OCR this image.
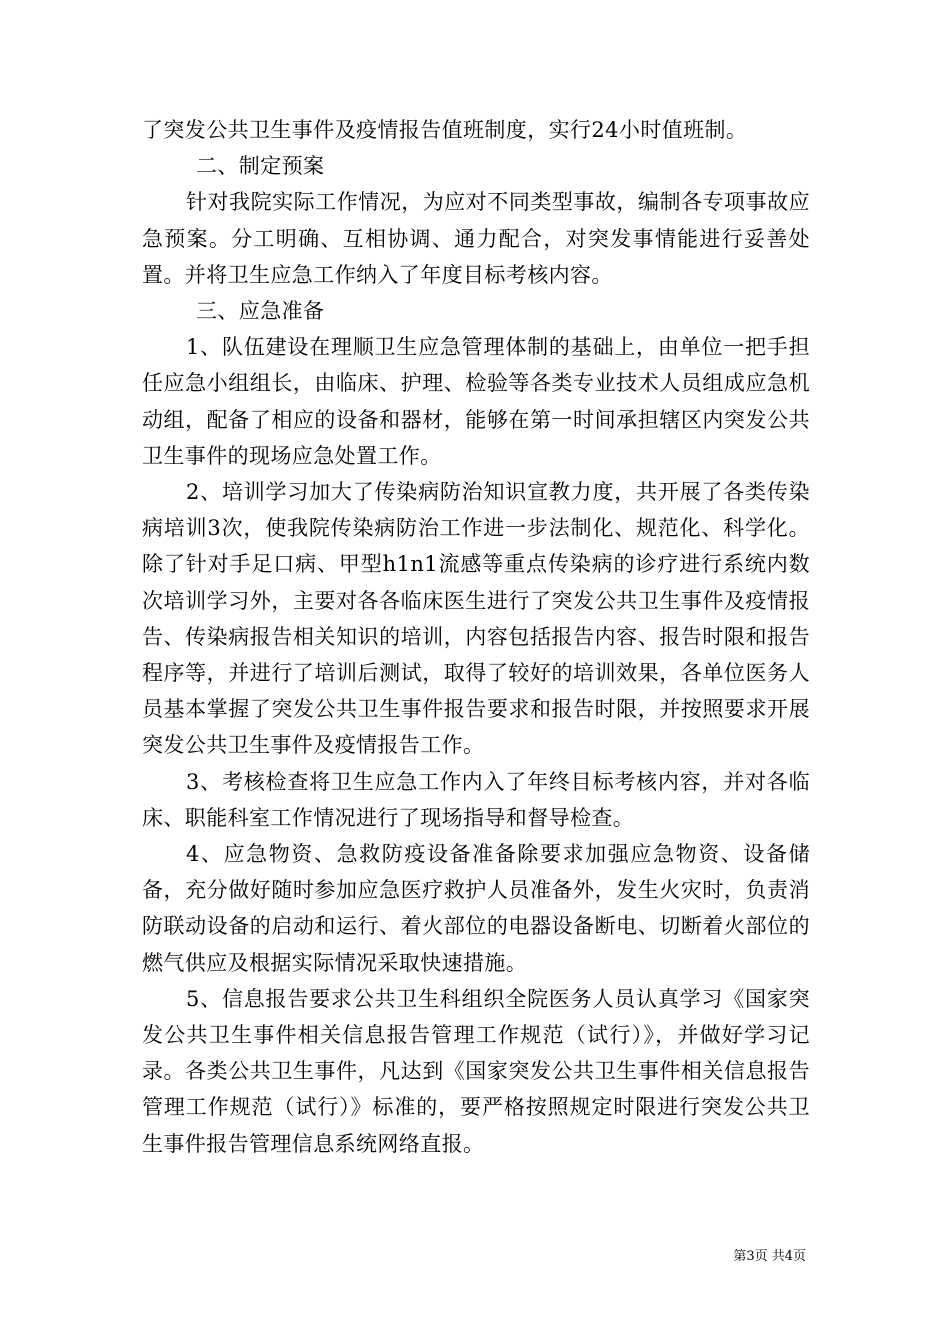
了突发公共卫生事件及疫情报告值班制度，实行24小时值班制。

二、制定预案

针对我院实际工作情况，为应对不同类型事故，编制各专项事故应急预案。分工明确、互相协调、通力配合，对突发事情能进行妥善处置。并将卫生应急工作纳入了年度目标考核内容。

三、应急准备

1、队伍建设在理顺卫生应急管理体制的基础上，由单位一把手担任应急小组组长，由临床、护理、检验等各类专业技术人员组成应急机动组，配备了相应的设备和器材，能够在第一时间承担辖区内突发公共卫生事件的现场应急处置工作。

2、培训学习加大了传染病防治知识宣教力度，共开展了各类传染病培训3次，使我院传染病防治工作进一步法制化、规范化、科学化。除了针对手足口病、甲型h1n1流感等重点传染病的诊疗进行系统内数次培训学习外，主要对各各临床医生进行了突发公共卫生事件及疫情报告、传染病报告相关知识的培训，内容包括报告内容、报告时限和报告程序等，并进行了培训后测试，取得了较好的培训效果，各单位医务人员基本掌握了突发公共卫生事件报告要求和报告时限，并按照要求开展突发公共卫生事件及疫情报告工作。

3、考核检查将卫生应急工作内入了年终目标考核内容，并对各临床、职能科室工作情况进行了现场指导和督导检查。

4、应急物资、急救防疫设备准备除要求加强应急物资、设备储备，充分做好随时参加应急医疗救护人员准备外，发生火灾时，负责消防联动设备的启动和运行、着火部位的电器设备断电、切断着火部位的燃气供应及根据实际情况采取快速措施。

5、信息报告要求公共卫生科组织全院医务人员认真学习《国家突发公共卫生事件相关信息报告管理工作规范（试行）》，并做好学习记录。各类公共卫生事件，凡达到《国家突发公共卫生事件相关信息报告管理工作规范（试行）》标准的，要严格按照规定时限进行突发公共卫生事件报告管理信息系统网络直报。

第3页 共4页
